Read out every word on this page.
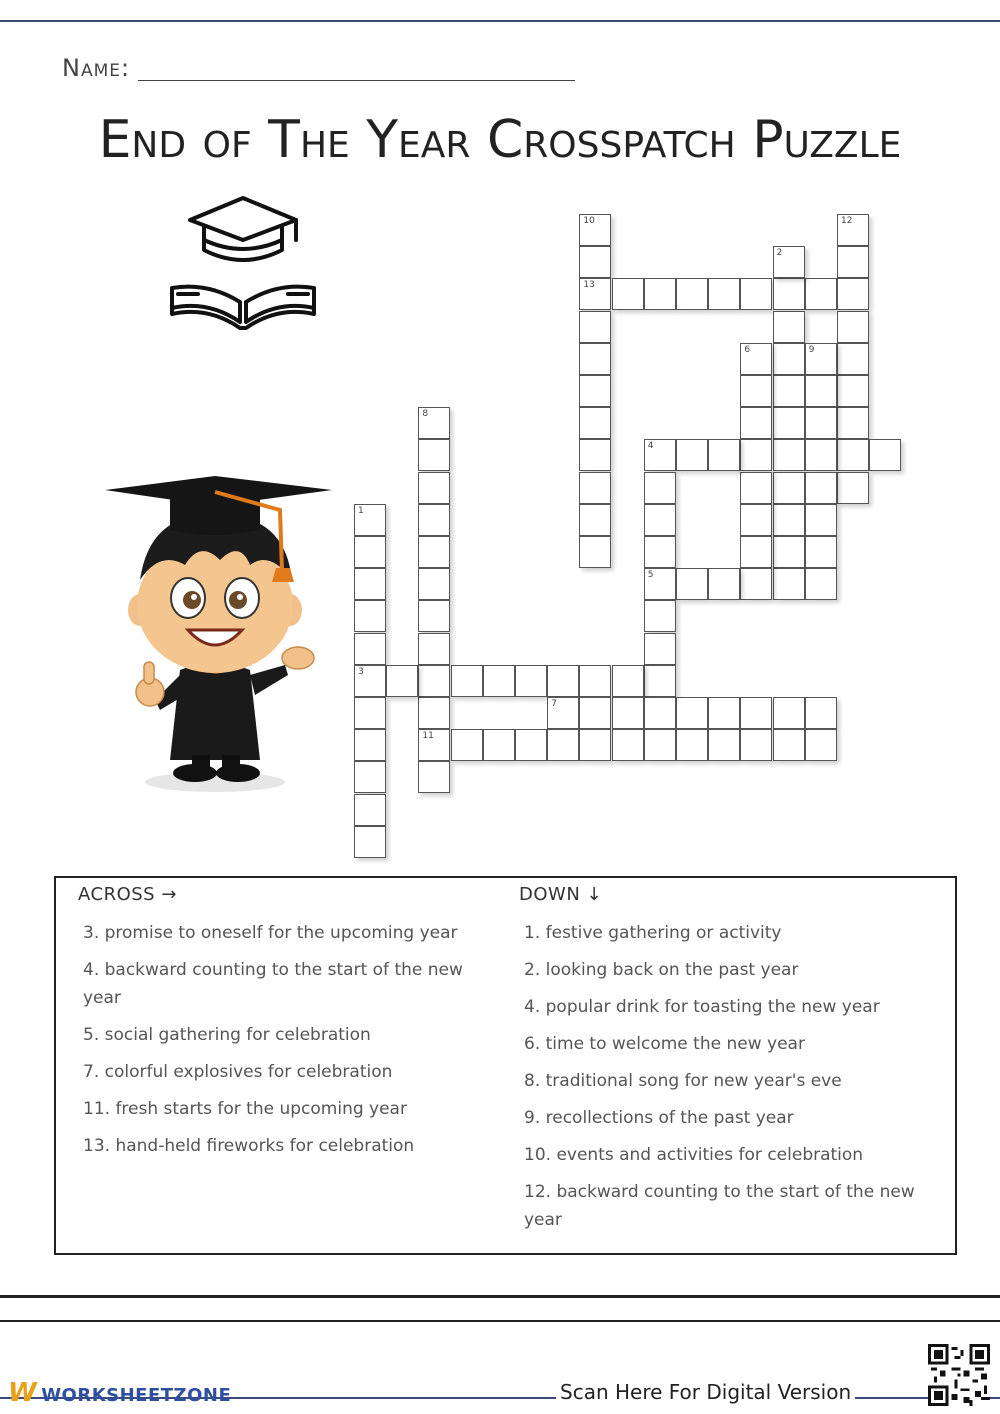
Name:
End of The Year Crosspatch Puzzle
10
13
12
2
6	9
4
5
8
11
1
3
7
ACROSS →	DOWN ↓
3. promise to oneself for the upcoming year
4. backward counting to the start of the new year
5. social gathering for celebration
7. colorful explosives for celebration
11. fresh starts for the upcoming year
13. hand-held fireworks for celebration
1. festive gathering or activity
2. looking back on the past year
4. popular drink for toasting the new year
6. time to welcome the new year
8. traditional song for new year's eve
9. recollections of the past year
10. events and activities for celebration
12. backward counting to the start of the new year
W WORKSHEETZONE	Scan Here For Digital Version
